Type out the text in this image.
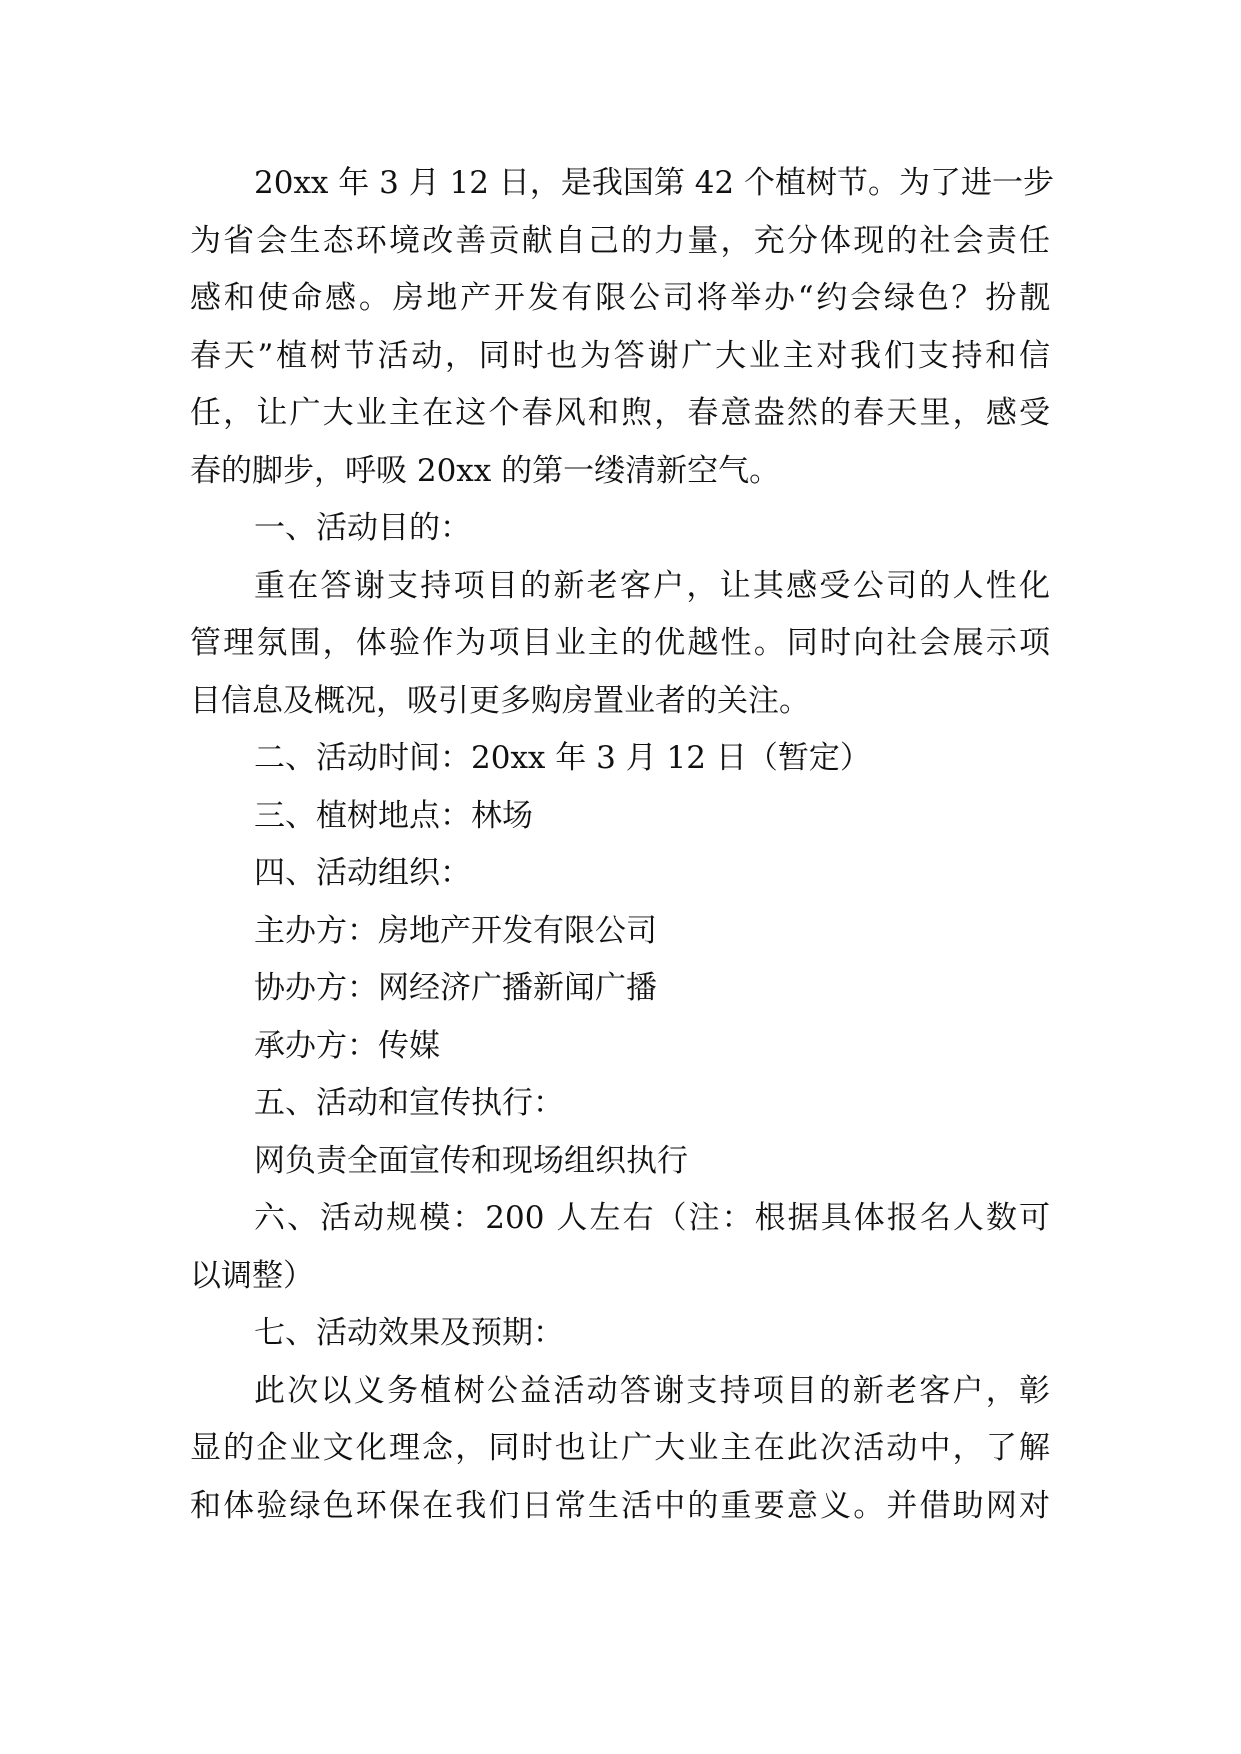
20xx 年 3 月 12 日，是我国第 42 个植树节。为了进一步
为省会生态环境改善贡献自己的力量，充分体现的社会责任
感和使命感。房地产开发有限公司将举办“约会绿色？扮靓
春天”植树节活动，同时也为答谢广大业主对我们支持和信
任，让广大业主在这个春风和煦，春意盎然的春天里，感受
春的脚步，呼吸 20xx 的第一缕清新空气。
一、活动目的：
重在答谢支持项目的新老客户，让其感受公司的人性化
管理氛围，体验作为项目业主的优越性。同时向社会展示项
目信息及概况，吸引更多购房置业者的关注。
二、活动时间：20xx 年 3 月 12 日（暂定）
三、植树地点：林场
四、活动组织：
主办方：房地产开发有限公司
协办方：网经济广播新闻广播
承办方：传媒
五、活动和宣传执行：
网负责全面宣传和现场组织执行
六、活动规模：200 人左右（注：根据具体报名人数可
以调整）
七、活动效果及预期：
此次以义务植树公益活动答谢支持项目的新老客户，彰
显的企业文化理念，同时也让广大业主在此次活动中，了解
和体验绿色环保在我们日常生活中的重要意义。并借助网对
